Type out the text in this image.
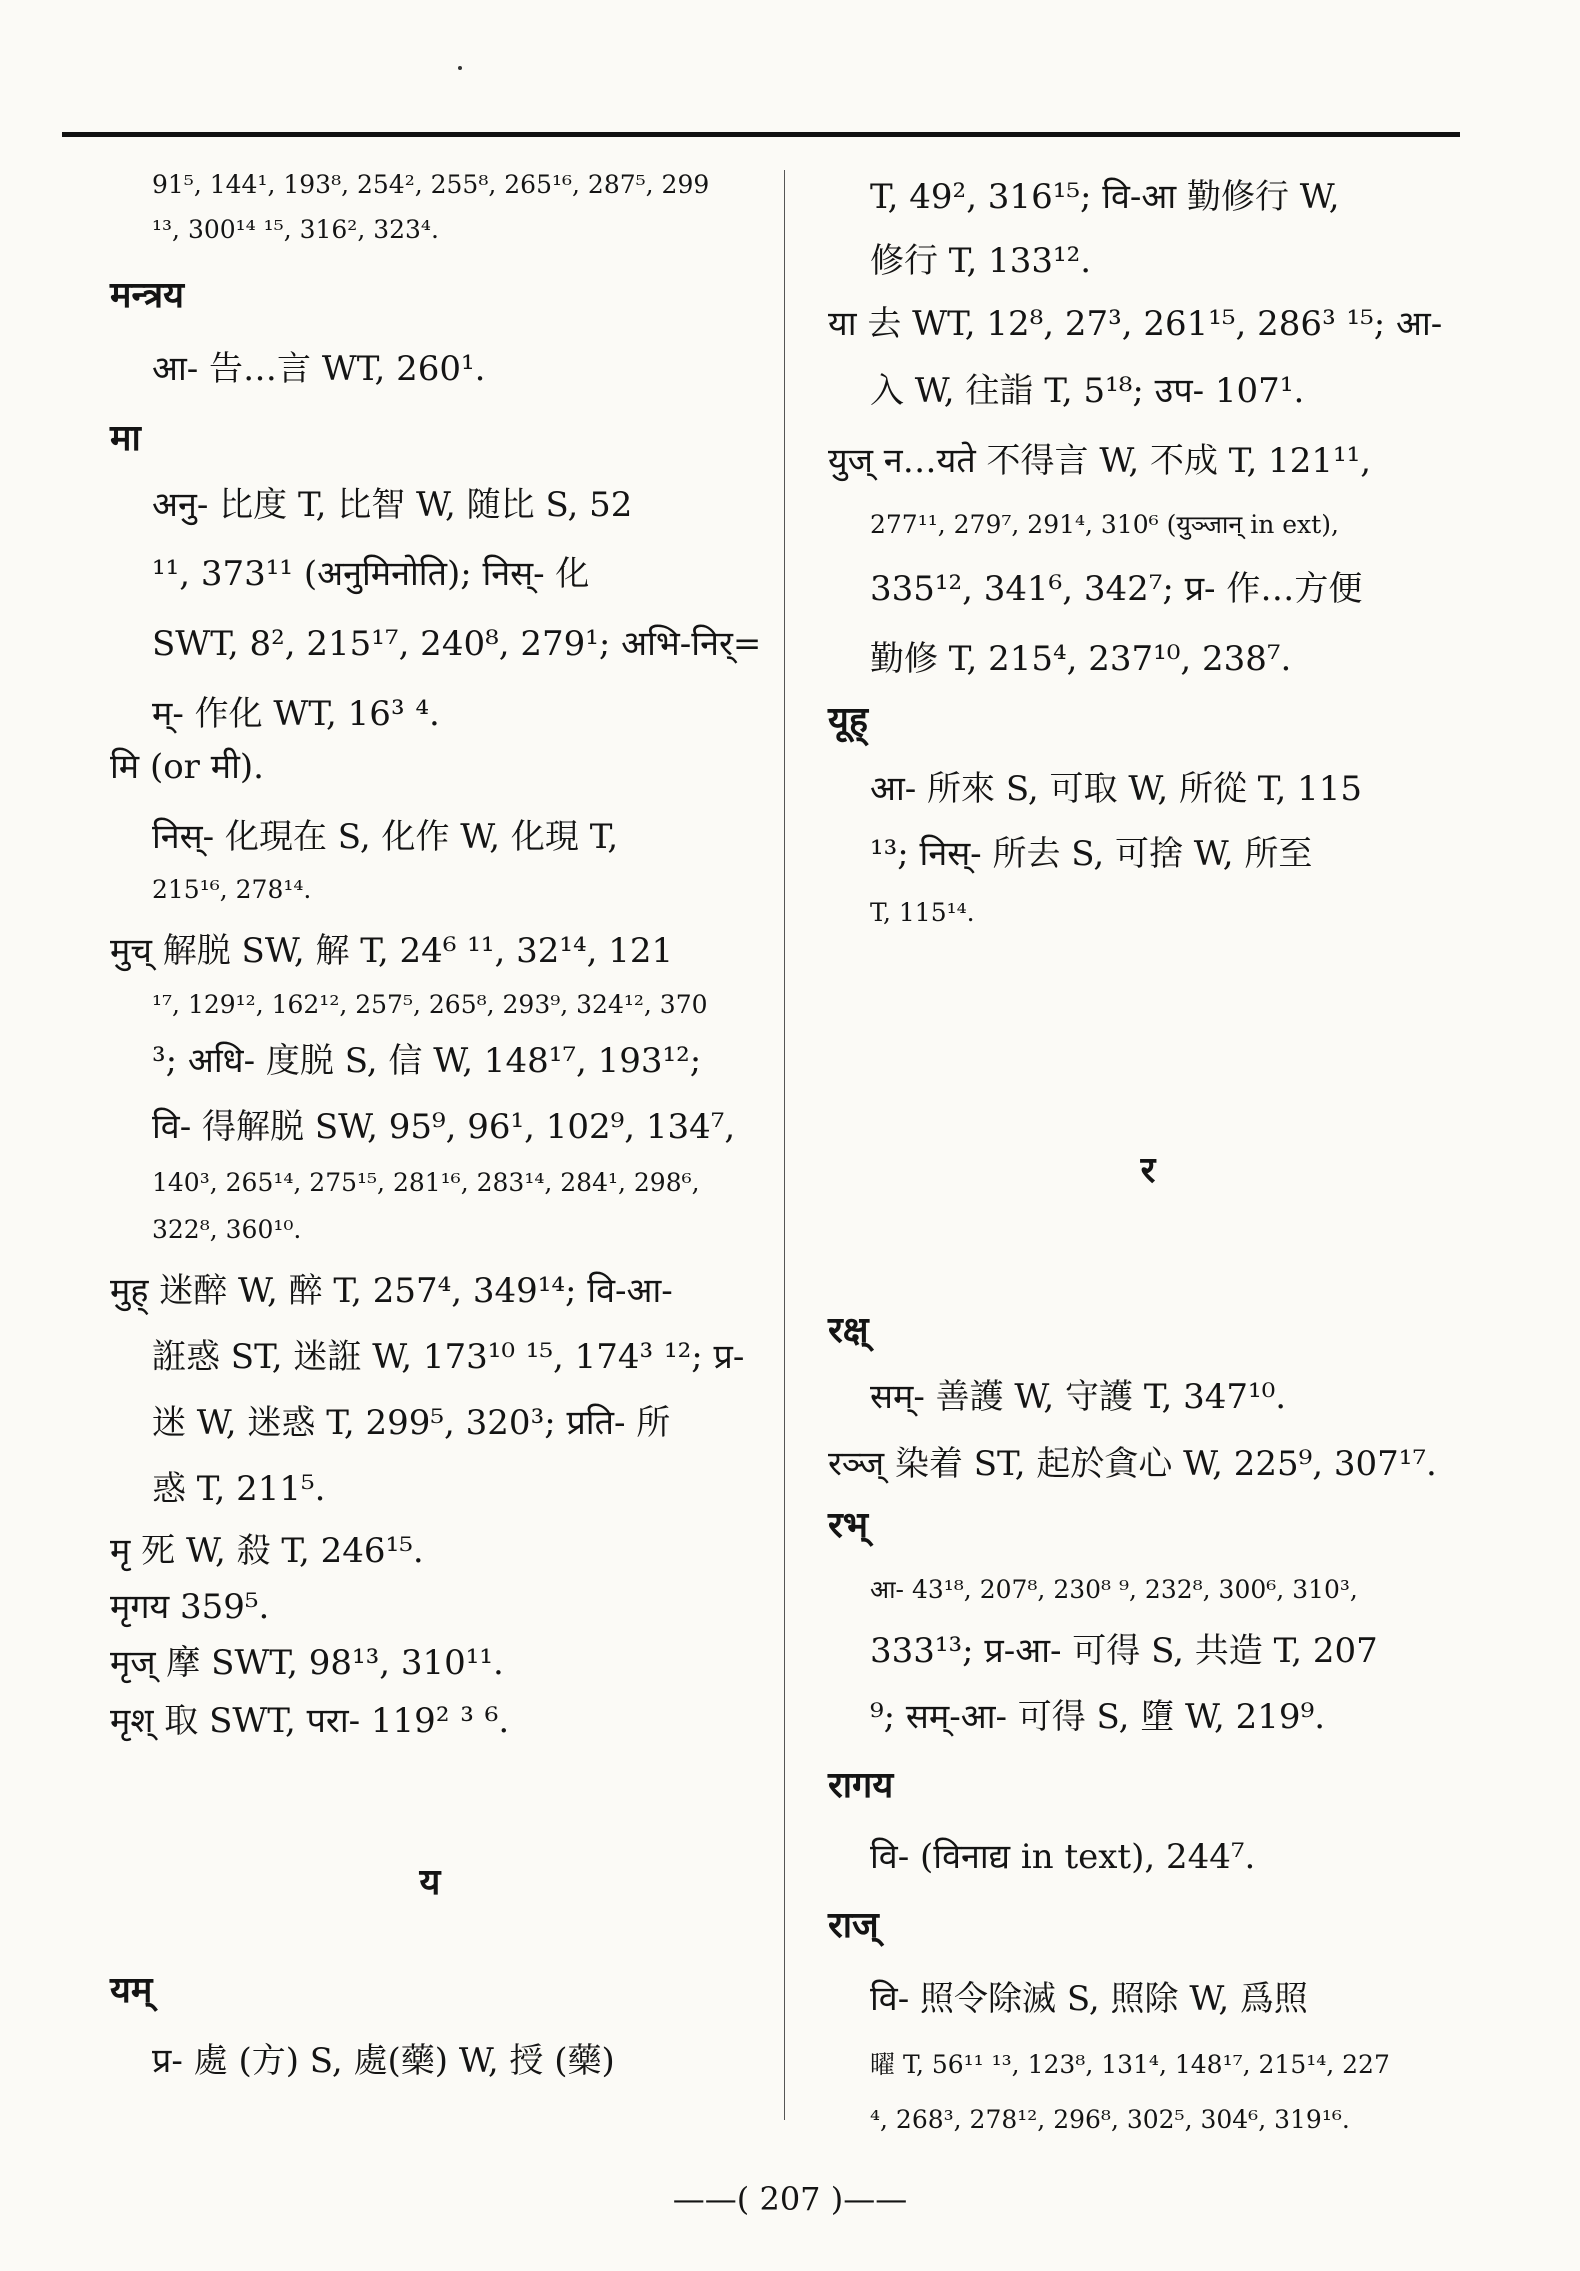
91⁵, 144¹, 193⁸, 254², 255⁸, 265¹⁶, 287⁵, 299
¹³, 300¹⁴ ¹⁵, 316², 323⁴.
मन्त्रय
आ- 告…言 WT, 260¹.
मा
अनु- 比度 T, 比智 W, 随比 S, 52
¹¹, 373¹¹ (अनुमिनोति); निस्- 化
SWT, 8², 215¹⁷, 240⁸, 279¹; अभि-निर्=
म्- 作化 WT, 16³ ⁴.
मि (or मी).
निस्- 化現在 S, 化作 W, 化現 T,
215¹⁶, 278¹⁴.
मुच् 解脱 SW, 解 T, 24⁶ ¹¹, 32¹⁴, 121
¹⁷, 129¹², 162¹², 257⁵, 265⁸, 293⁹, 324¹², 370
³; अधि- 度脱 S, 信 W, 148¹⁷, 193¹²;
वि- 得解脱 SW, 95⁹, 96¹, 102⁹, 134⁷,
140³, 265¹⁴, 275¹⁵, 281¹⁶, 283¹⁴, 284¹, 298⁶,
322⁸, 360¹⁰.
मुह् 迷醉 W, 醉 T, 257⁴, 349¹⁴; वि-आ-
誑惑 ST, 迷誑 W, 173¹⁰ ¹⁵, 174³ ¹²; प्र-
迷 W, 迷惑 T, 299⁵, 320³; प्रति- 所
惑 T, 211⁵.
मृ 死 W, 殺 T, 246¹⁵.
मृगय 359⁵.
मृज् 摩 SWT, 98¹³, 310¹¹.
मृश् 取 SWT, परा- 119² ³ ⁶.
य
यम्
प्र- 處 (方) S, 處(藥) W, 授 (藥)
T, 49², 316¹⁵; वि-आ 勤修行 W,
修行 T, 133¹².
या 去 WT, 12⁸, 27³, 261¹⁵, 286³ ¹⁵; आ-
入 W, 往詣 T, 5¹⁸; उप- 107¹.
युज् न…यते 不得言 W, 不成 T, 121¹¹,
277¹¹, 279⁷, 291⁴, 310⁶ (युञ्जान् in ext),
335¹², 341⁶, 342⁷; प्र- 作…方便
勤修 T, 215⁴, 237¹⁰, 238⁷.
यूह्
आ- 所來 S, 可取 W, 所從 T, 115
¹³; निस्- 所去 S, 可捨 W, 所至
T, 115¹⁴.
र
रक्ष्
सम्- 善護 W, 守護 T, 347¹⁰.
रञ्ज् 染着 ST, 起於貪心 W, 225⁹, 307¹⁷.
रभ्
आ- 43¹⁸, 207⁸, 230⁸ ⁹, 232⁸, 300⁶, 310³,
333¹³; प्र-आ- 可得 S, 共造 T, 207
⁹; सम्-आ- 可得 S, 墮 W, 219⁹.
रागय
वि- (विनाद्य in text), 244⁷.
राज्
वि- 照令除滅 S, 照除 W, 爲照
曜 T, 56¹¹ ¹³, 123⁸, 131⁴, 148¹⁷, 215¹⁴, 227
⁴, 268³, 278¹², 296⁸, 302⁵, 304⁶, 319¹⁶.
——( 207 )——
